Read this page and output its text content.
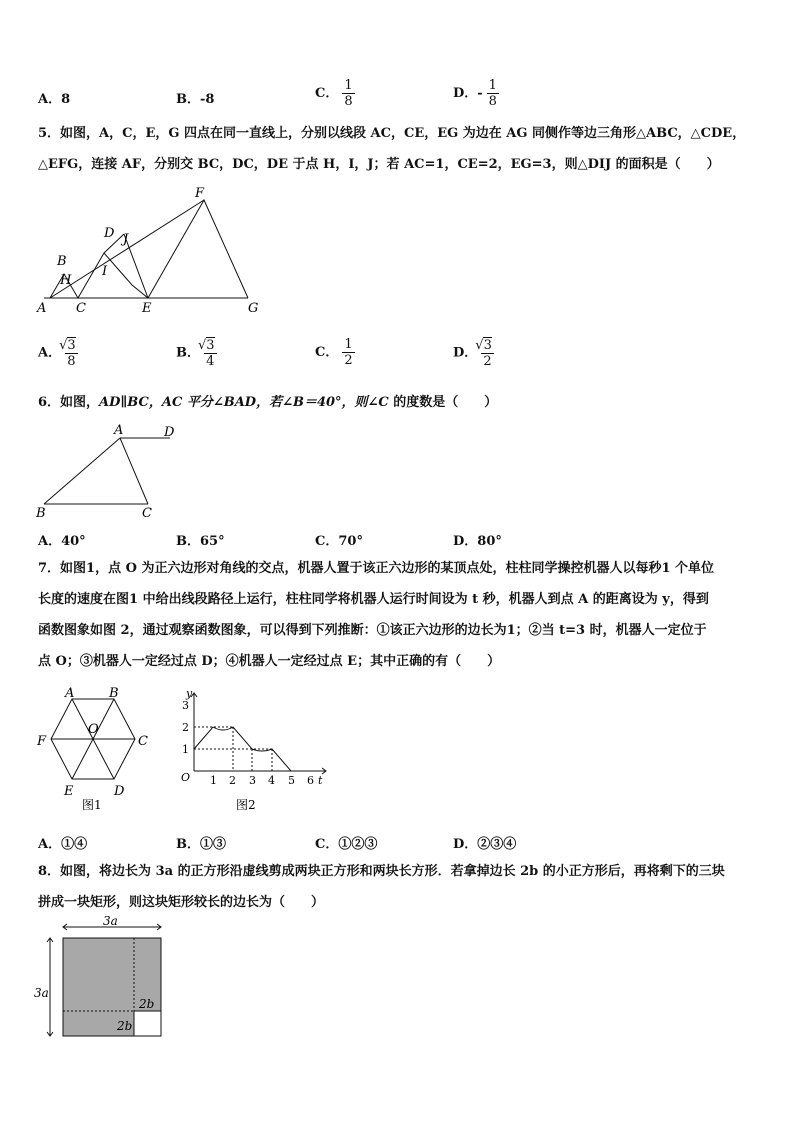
A．8	B．-8	C． $\frac{1}{8}$	D．- $\frac{1}{8}$
5．如图，A，C，E，G 四点在同一直线上，分别以线段 AC，CE，EG 为边在 AG 同侧作等边三角形△ABC，△CDE，
△EFG，连接 AF，分别交 BC，DC，DE 于点 H，I，J；若 AC=1，CE=2，EG=3，则△DIJ 的面积是（　　）
A
B
C
D
E
F
G
H
I
J
A． √ $\frac{3}{8}$	B． √ $\frac{3}{4}$	C． $\frac{1}{2}$	D． √ $\frac{3}{2}$
6．如图，AD∥BC，AC 平分∠BAD，若∠B＝40°，则∠C 的度数是（　　）
A	D
B	C
A．40°	B．65°	C．70°	D．80°
7．如图1，点 O 为正六边形对角线的交点，机器人置于该正六边形的某顶点处，柱柱同学操控机器人以每秒1 个单位
长度的速度在图1 中给出线段路径上运行，柱柱同学将机器人运行时间设为 t 秒，机器人到点 A 的距离设为 y，得到
函数图象如图 2，通过观察函数图象，可以得到下列推断：①该正六边形的边长为1；②当 t=3 时，机器人一定位于
点 O；③机器人一定经过点 D；④机器人一定经过点 E；其中正确的有（　　）
A	B
C
D
E
F
O
图1
y
t
O
1
2
3
1 2 3 4 5 6
图2
A．①④	B．①③	C．①②③	D．②③④
8．如图，将边长为 3a 的正方形沿虚线剪成两块正方形和两块长方形．若拿掉边长 2b 的小正方形后，再将剩下的三块
拼成一块矩形，则这块矩形较长的边长为（　　）
3a
3a
2b
2b
